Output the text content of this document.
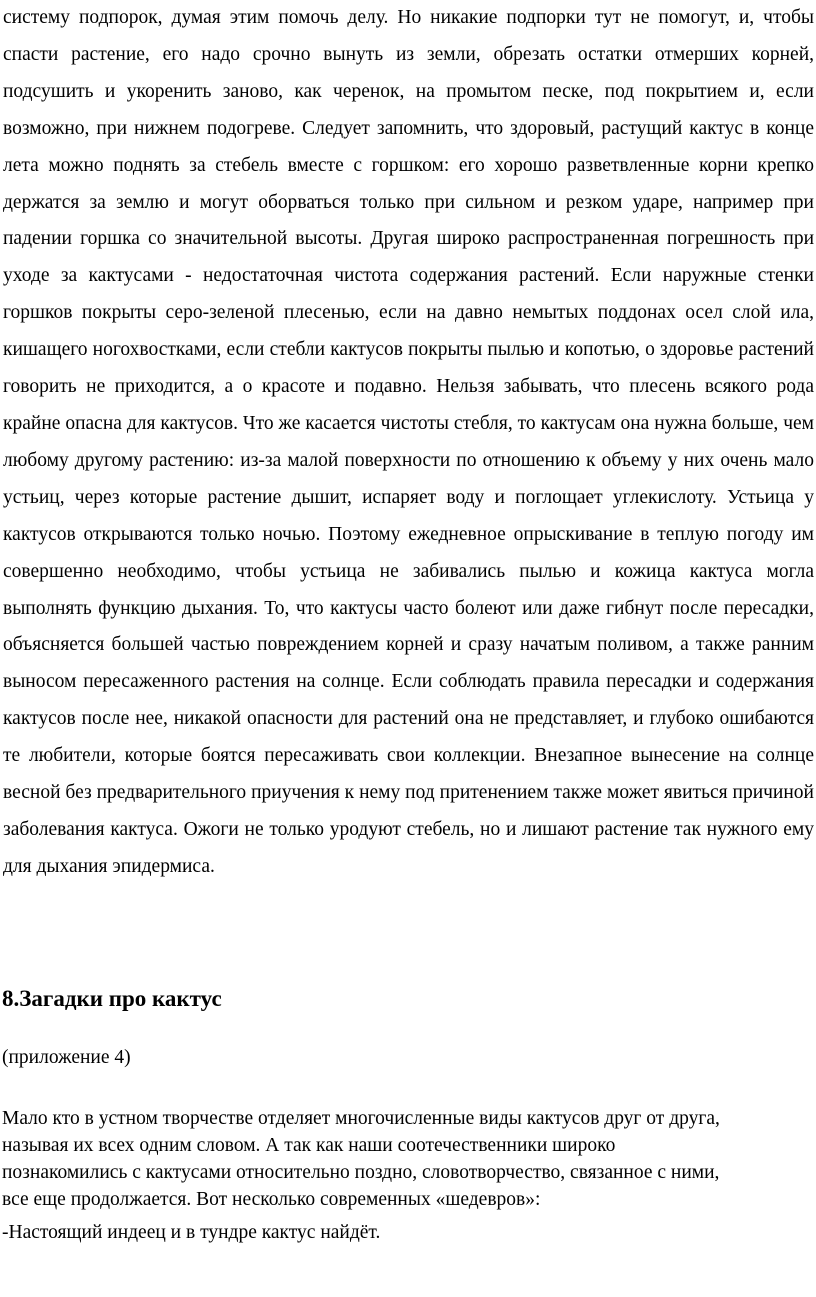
систему подпорок, думая этим помочь делу. Но никакие подпорки тут не помогут, и, чтобы спасти растение, его надо срочно вынуть из земли, обрезать остатки отмерших корней, подсушить и укоренить заново, как черенок, на промытом песке, под покрытием и, если возможно, при нижнем подогреве. Следует запомнить, что здоровый, растущий кактус в конце лета можно поднять за стебель вместе с горшком: его хорошо разветвленные корни крепко держатся за землю и могут оборваться только при сильном и резком ударе, например при падении горшка со значительной высоты. Другая широко распространенная погрешность при уходе за кактусами - недостаточная чистота содержания растений. Если наружные стенки горшков покрыты серо-зеленой плесенью, если на давно немытых поддонах осел слой ила, кишащего ногохвостками, если стебли кактусов покрыты пылью и копотью, о здоровье растений говорить не приходится, а о красоте и подавно. Нельзя забывать, что плесень всякого рода крайне опасна для кактусов. Что же касается чистоты стебля, то кактусам она нужна больше, чем любому другому растению: из-за малой поверхности по отношению к объему у них очень мало устьиц, через которые растение дышит, испаряет воду и поглощает углекислоту. Устьица у кактусов открываются только ночью. Поэтому ежедневное опрыскивание в теплую погоду им совершенно необходимо, чтобы устьица не забивались пылью и кожица кактуса могла выполнять функцию дыхания. То, что кактусы часто болеют или даже гибнут после пересадки, объясняется большей частью повреждением корней и сразу начатым поливом, а также ранним выносом пересаженного растения на солнце. Если соблюдать правила пересадки и содержания кактусов после нее, никакой опасности для растений она не представляет, и глубоко ошибаются те любители, которые боятся пересаживать свои коллекции. Внезапное вынесение на солнце весной без предварительного приучения к нему под притенением также может явиться причиной заболевания кактуса. Ожоги не только уродуют стебель, но и лишают растение так нужного ему для дыхания эпидермиса.

8.Загадки про кактус

(приложение 4)

Мало кто в устном творчестве отделяет многочисленные виды кактусов друг от друга,
называя их всех одним словом. А так как наши соотечественники широко
познакомились с кактусами относительно поздно, словотворчество, связанное с ними,
все еще продолжается. Вот несколько современных «шедевров»:

-Настоящий индеец и в тундре кактус найдёт.
